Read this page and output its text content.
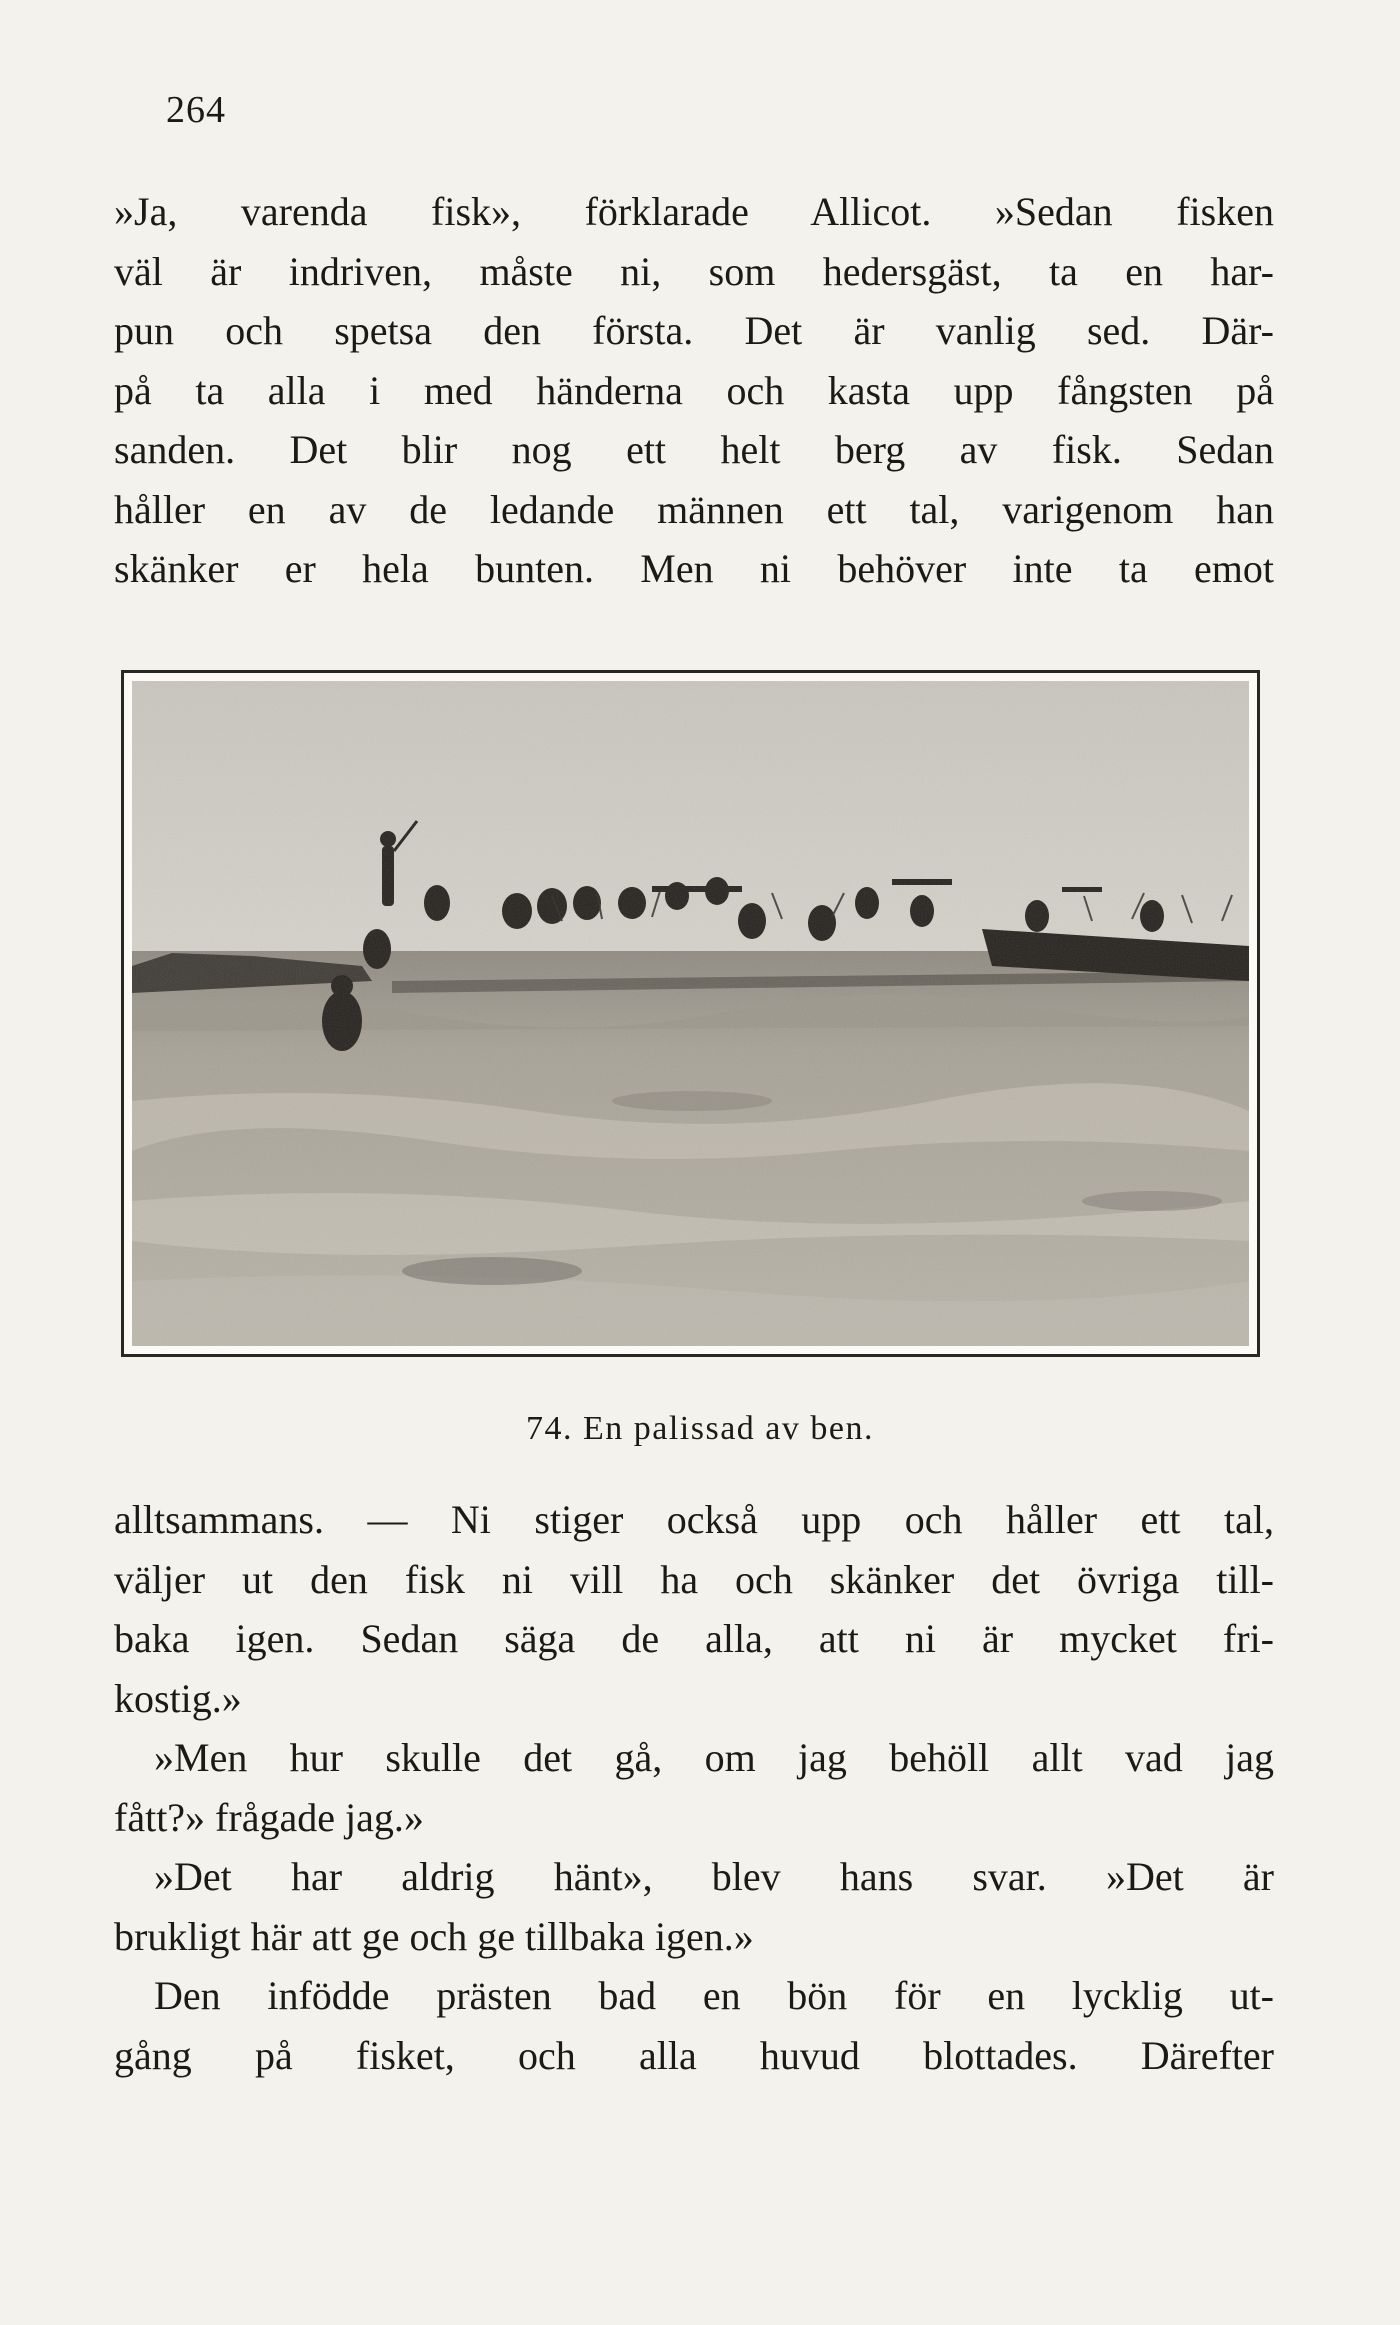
264
»Ja, varenda fisk», förklarade Allicot. »Sedan fisken
väl är indriven, måste ni, som hedersgäst, ta en har-
pun och spetsa den första. Det är vanlig sed. Där-
på ta alla i med händerna och kasta upp fångsten på
sanden. Det blir nog ett helt berg av fisk. Sedan
håller en av de ledande männen ett tal, varigenom han
skänker er hela bunten. Men ni behöver inte ta emot
74. En palissad av ben.
alltsammans. — Ni stiger också upp och håller ett tal,
väljer ut den fisk ni vill ha och skänker det övriga till-
baka igen. Sedan säga de alla, att ni är mycket fri-
kostig.»
»Men hur skulle det gå, om jag behöll allt vad jag
fått?» frågade jag.»
»Det har aldrig hänt», blev hans svar. »Det är
brukligt här att ge och ge tillbaka igen.»
Den infödde prästen bad en bön för en lycklig ut-
gång på fisket, och alla huvud blottades. Därefter
